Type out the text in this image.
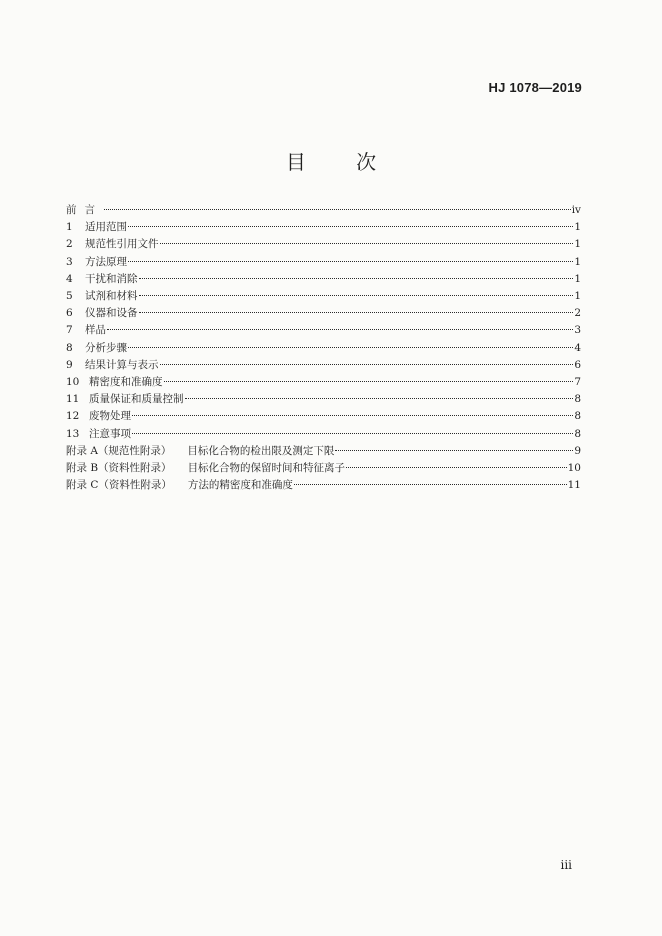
HJ 1078—2019
目 次
前言	iv
1	适用范围	1
2	规范性引用文件	1
3	方法原理	1
4	干扰和消除	1
5	试剂和材料	1
6	仪器和设备	2
7	样品	3
8	分析步骤	4
9	结果计算与表示	6
10 精密度和准确度	7
11 质量保证和质量控制	8
12 废物处理	8
13 注意事项	8
附录 A（规范性附录） 目标化合物的检出限及测定下限	9
附录 B（资料性附录） 目标化合物的保留时间和特征离子	10
附录 C（资料性附录） 方法的精密度和准确度	11
iii
